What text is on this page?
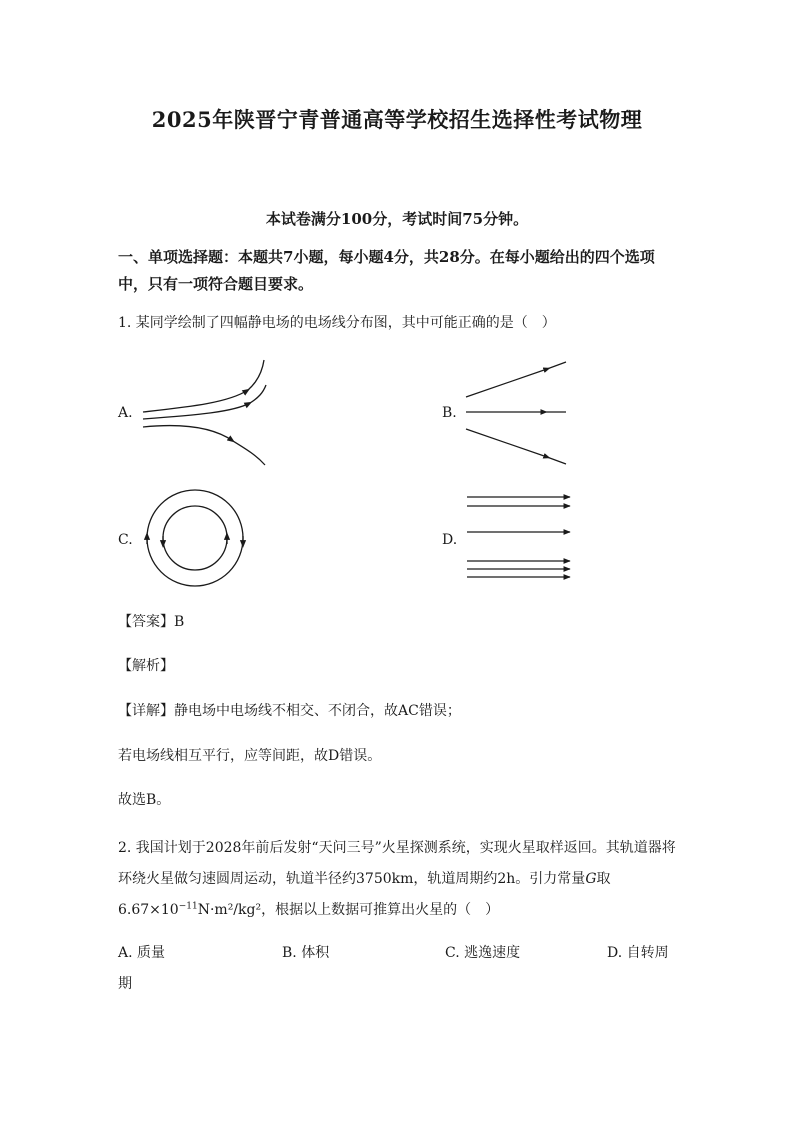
2025年陕晋宁青普通高等学校招生选择性考试物理
本试卷满分100分，考试时间75分钟。
一、单项选择题：本题共7小题，每小题4分，共28分。在每小题给出的四个选项中，只有一项符合题目要求。
1. 某同学绘制了四幅静电场的电场线分布图，其中可能正确的是（　）
A.	B.
C.	D.
【答案】B
【解析】
【详解】静电场中电场线不相交、不闭合，故AC错误；
若电场线相互平行，应等间距，故D错误。
故选B。
2. 我国计划于2028年前后发射“天问三号”火星探测系统，实现火星取样返回。其轨道器将环绕火星做匀速圆周运动，轨道半径约3750km，轨道周期约2h。引力常量G取$6.67\times 10^{-11}N\cdot m^2$/kg²，根据以上数据可推算出火星的（　）
A. 质量	B. 体积	C. 逃逸速度	D. 自转周
期
